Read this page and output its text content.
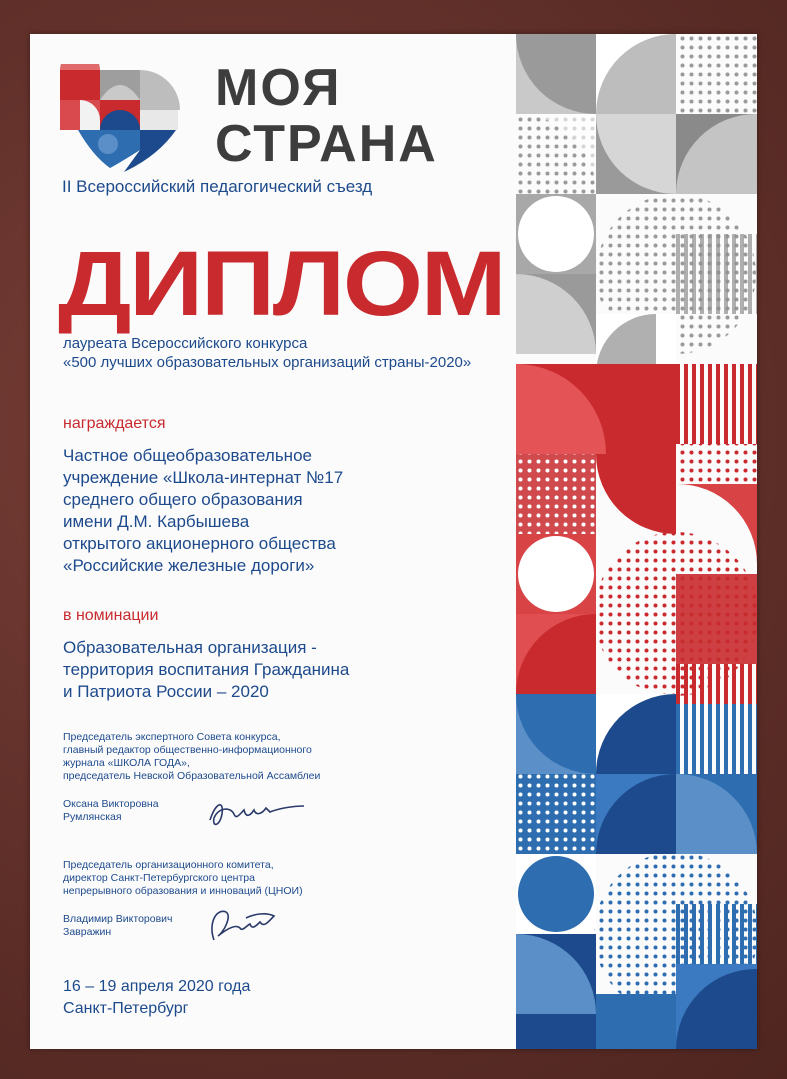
МОЯ
СТРАНА
II Всероссийский педагогический съезд
ДИПЛОМ
лауреата Всероссийского конкурса
«500 лучших образовательных организаций страны-2020»
награждается
Частное общеобразовательное
учреждение «Школа-интернат №17
среднего общего образования
имени Д.М. Карбышева
открытого акционерного общества
«Российские железные дороги»
в номинации
Образовательная организация -
территория воспитания Гражданина
и Патриота России – 2020
Председатель экспертного Совета конкурса,
главный редактор общественно-информационного
журнала «ШКОЛА ГОДА»,
председатель Невской Образовательной Ассамблеи
Оксана Викторовна
Румлянская
Председатель организационного комитета,
директор Санкт-Петербургского центра
непрерывного образования и инноваций (ЦНОИ)
Владимир Викторович
Завражин
16 – 19 апреля 2020 года
Санкт-Петербург
